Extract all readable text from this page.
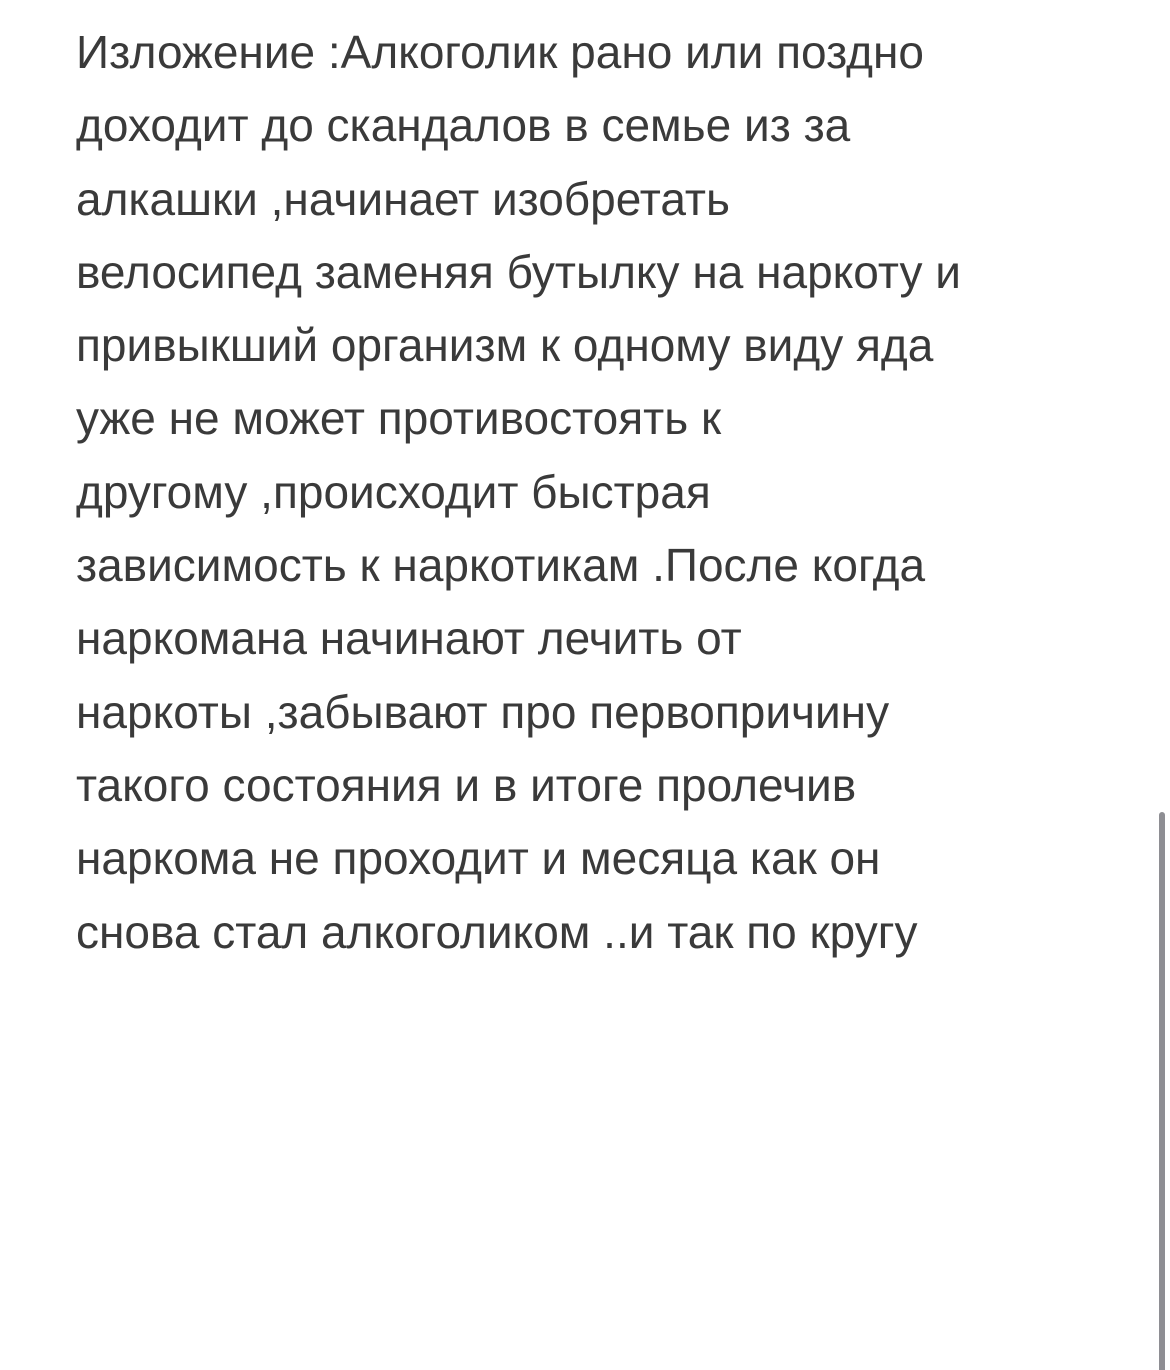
Изложение :Алкоголик рано или поздно
доходит до скандалов в семье из за
алкашки ,начинает изобретать
велосипед заменяя бутылку на наркоту и
привыкший организм к одному виду яда
уже не может противостоять к
другому ,происходит быстрая
зависимость к наркотикам .После когда
наркомана начинают лечить от
наркоты ,забывают про первопричину
такого состояния и в итоге пролечив
наркома не проходит и месяца как он
снова стал алкоголиком ..и так по кругу
